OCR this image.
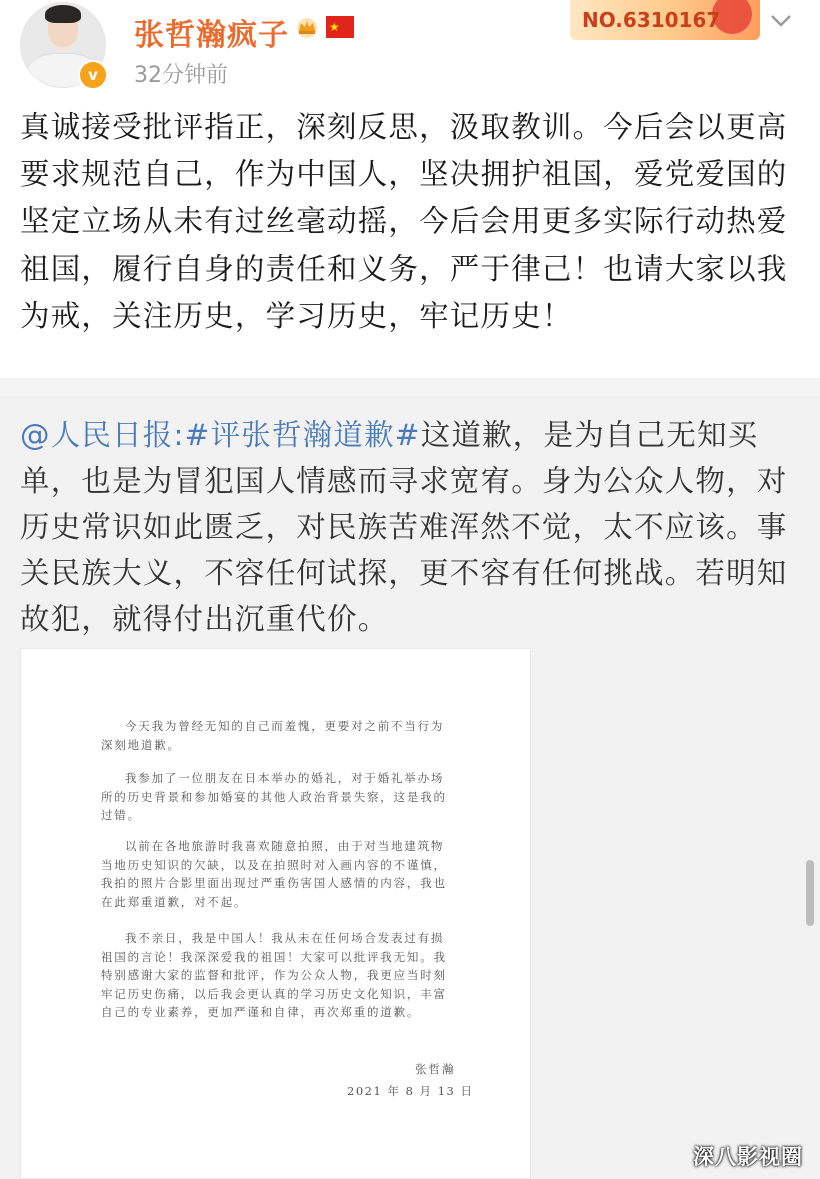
v
张哲瀚疯子	★
32分钟前
NO.6310167

真诚接受批评指正，深刻反思，汲取教训。今后会以更高要求规范自己，作为中国人，坚决拥护祖国，爱党爱国的坚定立场从未有过丝毫动摇，今后会用更多实际行动热爱祖国，履行自身的责任和义务，严于律己！也请大家以我为戒，关注历史，学习历史，牢记历史！

@人民日报:#评张哲瀚道歉#这道歉，是为自己无知买单，也是为冒犯国人情感而寻求宽宥。身为公众人物，对历史常识如此匮乏，对民族苦难浑然不觉，太不应该。事关民族大义，不容任何试探，更不容有任何挑战。若明知故犯，就得付出沉重代价。

今天我为曾经无知的自己而羞愧，更要对之前不当行为深刻地道歉。

我参加了一位朋友在日本举办的婚礼，对于婚礼举办场所的历史背景和参加婚宴的其他人政治背景失察，这是我的过错。

以前在各地旅游时我喜欢随意拍照，由于对当地建筑物当地历史知识的欠缺，以及在拍照时对入画内容的不谨慎，我拍的照片合影里面出现过严重伤害国人感情的内容，我也在此郑重道歉，对不起。

我不亲日，我是中国人！我从未在任何场合发表过有损祖国的言论！我深深爱我的祖国！大家可以批评我无知。我特别感谢大家的监督和批评，作为公众人物，我更应当时刻牢记历史伤痛，以后我会更认真的学习历史文化知识，丰富自己的专业素养，更加严谨和自律，再次郑重的道歉。

张哲瀚
2021 年 8 月 13 日
深八影视圈
